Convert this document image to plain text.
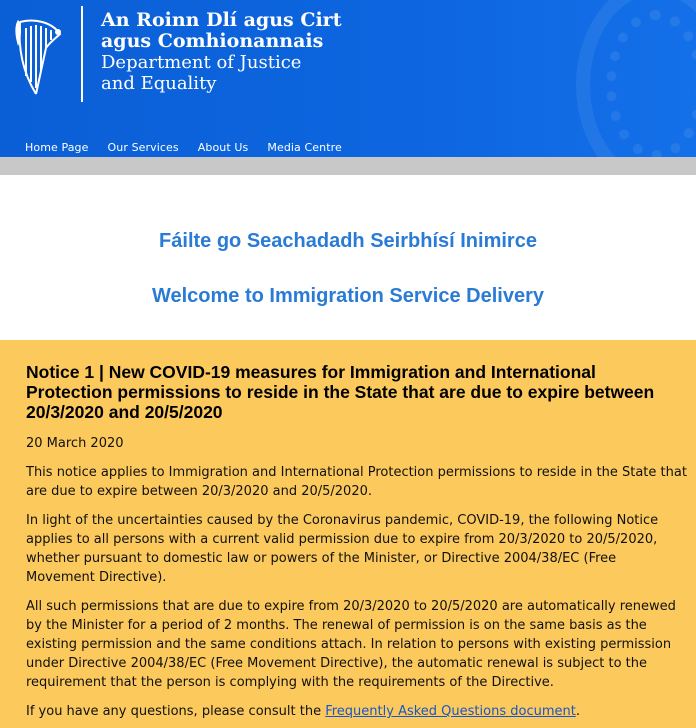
An Roinn Dlí agus Cirt
agus Comhionannais
Department of Justice
and Equality
Home Page Our Services About Us Media Centre
Fáilte go Seachadadh Seirbhísí Inimirce
Welcome to Immigration Service Delivery
Notice 1 | New COVID-19 measures for Immigration and International Protection permissions to reside in the State that are due to expire between 20/3/2020 and 20/5/2020

20 March 2020

This notice applies to Immigration and International Protection permissions to reside in the State that are due to expire between 20/3/2020 and 20/5/2020.

In light of the uncertainties caused by the Coronavirus pandemic, COVID-19, the following Notice applies to all persons with a current valid permission due to expire from 20/3/2020 to 20/5/2020, whether pursuant to domestic law or powers of the Minister, or Directive 2004/38/EC (Free Movement Directive).

All such permissions that are due to expire from 20/3/2020 to 20/5/2020 are automatically renewed by the Minister for a period of 2 months. The renewal of permission is on the same basis as the existing permission and the same conditions attach. In relation to persons with existing permission under Directive 2004/38/EC (Free Movement Directive), the automatic renewal is subject to the requirement that the person is complying with the requirements of the Directive.

If you have any questions, please consult the Frequently Asked Questions document.
